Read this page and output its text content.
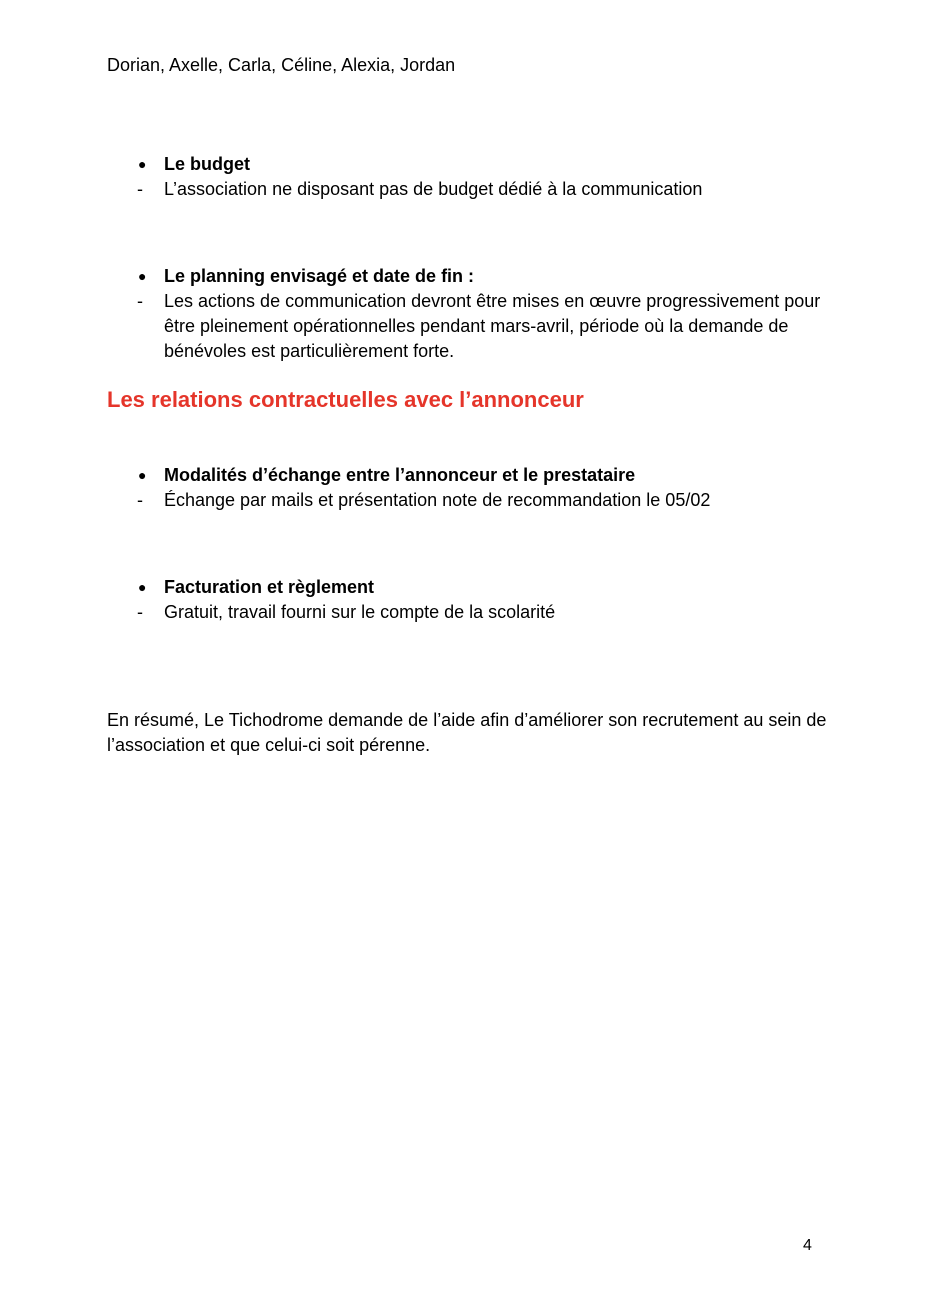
Dorian, Axelle, Carla, Céline, Alexia, Jordan
● Le budget
- L’association ne disposant pas de budget dédié à la communication
● Le planning envisagé et date de fin :
- Les actions de communication devront être mises en œuvre progressivement pour être pleinement opérationnelles pendant mars-avril, période où la demande de bénévoles est particulièrement forte.
Les relations contractuelles avec l’annonceur
● Modalités d’échange entre l’annonceur et le prestataire
- Échange par mails et présentation note de recommandation le 05/02
● Facturation et règlement
- Gratuit, travail fourni sur le compte de la scolarité
En résumé, Le Tichodrome demande de l’aide afin d’améliorer son recrutement au sein de l’association et que celui-ci soit pérenne.
4
